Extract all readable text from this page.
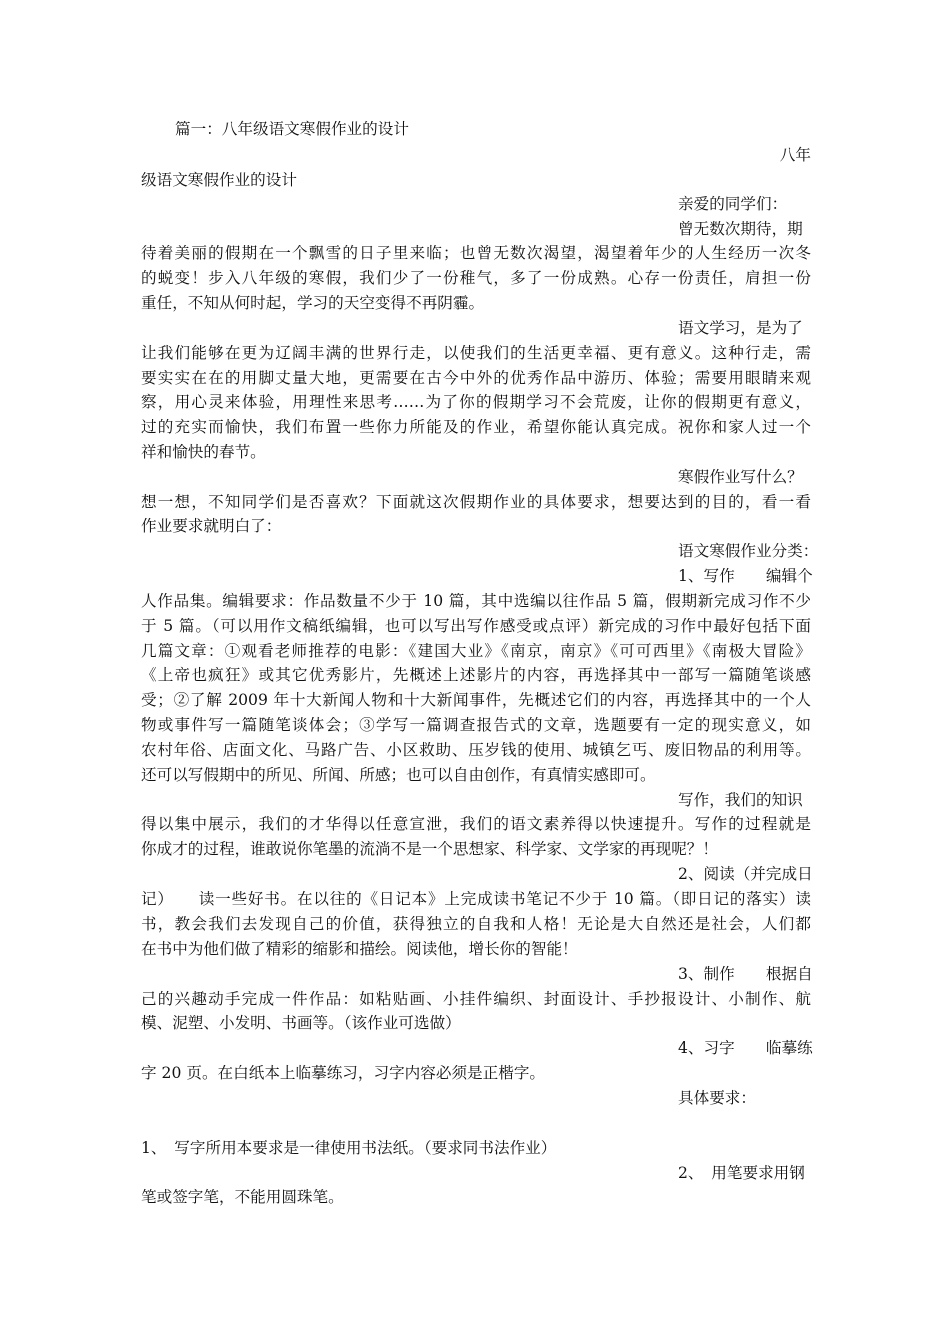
篇一：八年级语文寒假作业的设计
八年
级语文寒假作业的设计
亲爱的同学们：
曾无数次期待，期
待着美丽的假期在一个飘雪的日子里来临；也曾无数次渴望，渴望着年少的人生经历一次冬
的蜕变！步入八年级的寒假，我们少了一份稚气，多了一份成熟。心存一份责任，肩担一份
重任，不知从何时起，学习的天空变得不再阴霾。
语文学习，是为了
让我们能够在更为辽阔丰满的世界行走，以使我们的生活更幸福、更有意义。这种行走，需
要实实在在的用脚丈量大地，更需要在古今中外的优秀作品中游历、体验；需要用眼睛来观
察，用心灵来体验，用理性来思考……为了你的假期学习不会荒废，让你的假期更有意义，
过的充实而愉快，我们布置一些你力所能及的作业，希望你能认真完成。祝你和家人过一个
祥和愉快的春节。
寒假作业写什么？
想一想，不知同学们是否喜欢？下面就这次假期作业的具体要求，想要达到的目的，看一看
作业要求就明白了：
语文寒假作业分类：
1、写作　　编辑个
人作品集。编辑要求：作品数量不少于 10 篇，其中选编以往作品 5 篇，假期新完成习作不少
于 5 篇。（可以用作文稿纸编辑，也可以写出写作感受或点评）新完成的习作中最好包括下面
几篇文章：①观看老师推荐的电影：《建国大业》《南京，南京》《可可西里》《南极大冒险》
《上帝也疯狂》或其它优秀影片，先概述上述影片的内容，再选择其中一部写一篇随笔谈感
受；②了解 2009 年十大新闻人物和十大新闻事件，先概述它们的内容，再选择其中的一个人
物或事件写一篇随笔谈体会；③学写一篇调查报告式的文章，选题要有一定的现实意义，如
农村年俗、店面文化、马路广告、小区救助、压岁钱的使用、城镇乞丐、废旧物品的利用等。
还可以写假期中的所见、所闻、所感；也可以自由创作，有真情实感即可。
写作，我们的知识
得以集中展示，我们的才华得以任意宣泄，我们的语文素养得以快速提升。写作的过程就是
你成才的过程，谁敢说你笔墨的流淌不是一个思想家、科学家、文学家的再现呢？！
2、阅读（并完成日
记）　　读一些好书。在以往的《日记本》上完成读书笔记不少于 10 篇。（即日记的落实）读
书，教会我们去发现自己的价值，获得独立的自我和人格！无论是大自然还是社会，人们都
在书中为他们做了精彩的缩影和描绘。阅读他，增长你的智能！
3、制作　　根据自
己的兴趣动手完成一件作品：如粘贴画、小挂件编织、封面设计、手抄报设计、小制作、航
模、泥塑、小发明、书画等。（该作业可选做）
4、习字　　临摹练
字 20 页。在白纸本上临摹练习，习字内容必须是正楷字。
具体要求：
1、　写字所用本要求是一律使用书法纸。（要求同书法作业）
2、　用笔要求用钢
笔或签字笔，不能用圆珠笔。
